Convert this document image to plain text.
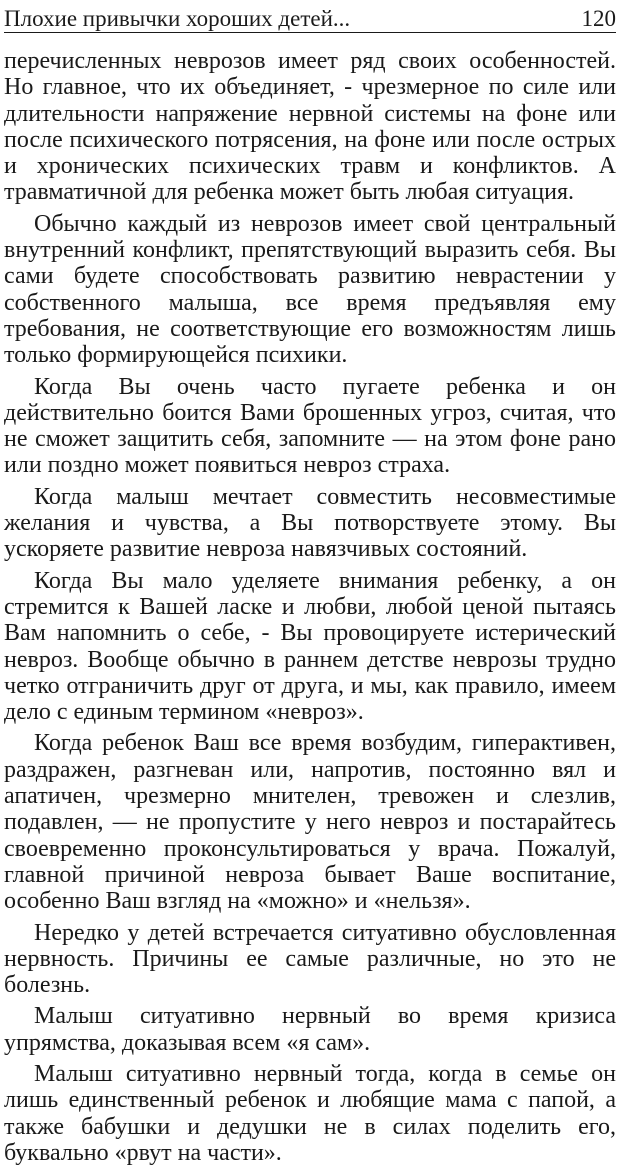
Плохие привычки хороших детей...	120

перечисленных неврозов имеет ряд своих особенностей. Но главное, что их объединяет, - чрезмерное по силе или длительности напряжение нервной системы на фоне или после психического потрясения, на фоне или после острых и хронических психических травм и конфликтов. А травматичной для ребенка может быть любая ситуация.

Обычно каждый из неврозов имеет свой центральный внутренний конфликт, препятствующий выразить себя. Вы сами будете способствовать развитию неврастении у собственного малыша, все время предъявляя ему требования, не соответствующие его возможностям лишь только формирующейся психики.

Когда Вы очень часто пугаете ребенка и он действительно боится Вами брошенных угроз, считая, что не сможет защитить себя, запомните — на этом фоне рано или поздно может появиться невроз страха.

Когда малыш мечтает совместить несовместимые желания и чувства, а Вы потворствуете этому. Вы ускоряете развитие невроза навязчивых состояний.

Когда Вы мало уделяете внимания ребенку, а он стремится к Вашей ласке и любви, любой ценой пытаясь Вам напомнить о себе, - Вы провоцируете истерический невроз. Вообще обычно в раннем детстве неврозы трудно четко отграничить друг от друга, и мы, как правило, имеем дело с единым термином «невроз».

Когда ребенок Ваш все время возбудим, гиперактивен, раздражен, разгневан или, напротив, постоянно вял и апатичен, чрезмерно мнителен, тревожен и слезлив, подавлен, — не пропустите у него невроз и постарайтесь своевременно проконсультироваться у врача. Пожалуй, главной причиной невроза бывает Ваше воспитание, особенно Ваш взгляд на «можно» и «нельзя».

Нередко у детей встречается ситуативно обусловленная нервность. Причины ее самые различные, но это не болезнь.

Малыш ситуативно нервный во время кризиса упрямства, доказывая всем «я сам».

Малыш ситуативно нервный тогда, когда в семье он лишь единственный ребенок и любящие мама с папой, а также бабушки и дедушки не в силах поделить его, буквально «рвут на части».
